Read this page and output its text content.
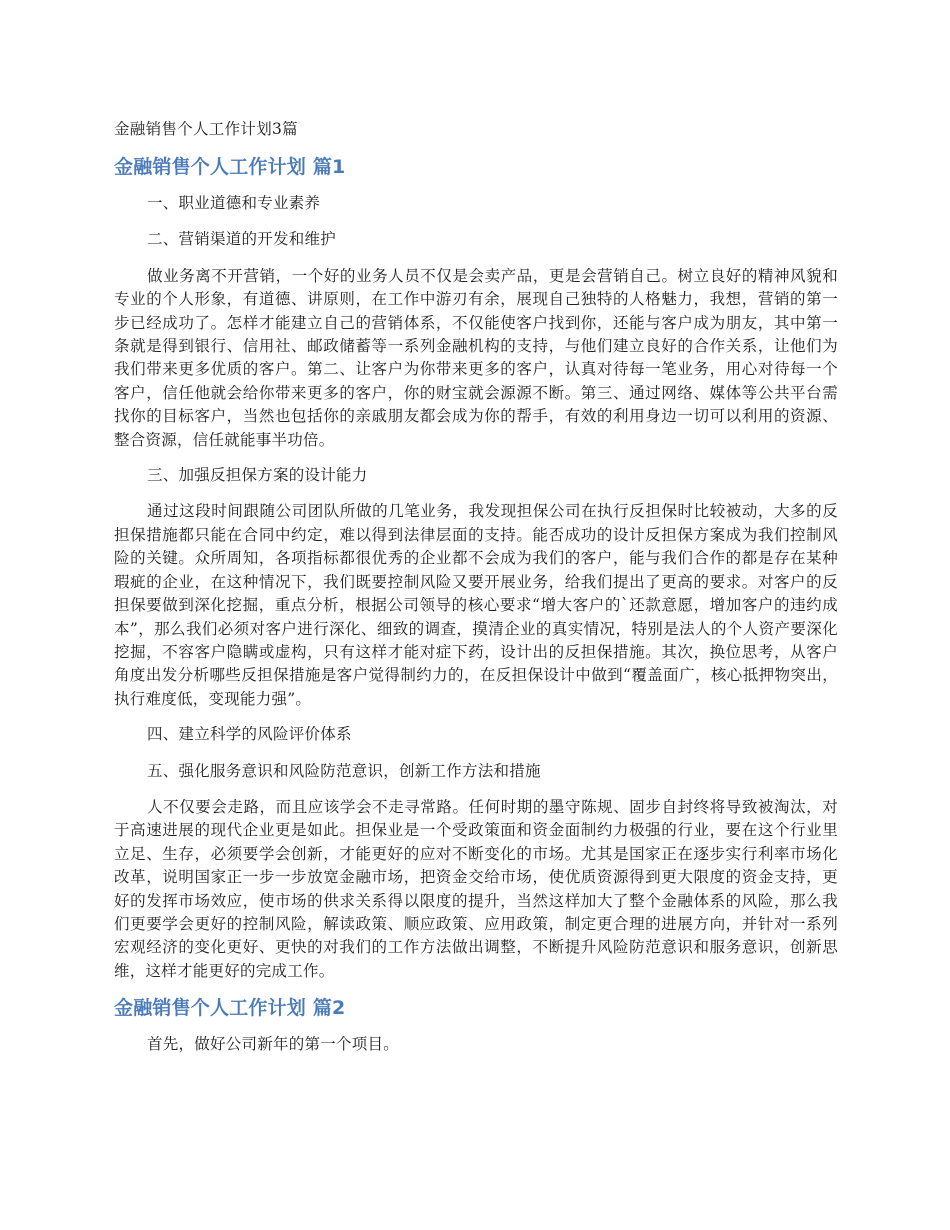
金融销售个人工作计划3篇
金融销售个人工作计划 篇1

一、职业道德和专业素养

二、营销渠道的开发和维护

做业务离不开营销，一个好的业务人员不仅是会卖产品，更是会营销自己。树立良好的精神风貌和专业的个人形象，有道德、讲原则，在工作中游刃有余，展现自己独特的人格魅力，我想，营销的第一步已经成功了。怎样才能建立自己的营销体系，不仅能使客户找到你，还能与客户成为朋友，其中第一条就是得到银行、信用社、邮政储蓄等一系列金融机构的支持，与他们建立良好的合作关系，让他们为我们带来更多优质的客户。第二、让客户为你带来更多的客户，认真对待每一笔业务，用心对待每一个客户，信任他就会给你带来更多的客户，你的财宝就会源源不断。第三、通过网络、媒体等公共平台需找你的目标客户，当然也包括你的亲戚朋友都会成为你的帮手，有效的利用身边一切可以利用的资源、整合资源，信任就能事半功倍。

三、加强反担保方案的设计能力

通过这段时间跟随公司团队所做的几笔业务，我发现担保公司在执行反担保时比较被动，大多的反担保措施都只能在合同中约定，难以得到法律层面的支持。能否成功的设计反担保方案成为我们控制风险的关键。众所周知，各项指标都很优秀的企业都不会成为我们的客户，能与我们合作的都是存在某种瑕疵的企业，在这种情况下，我们既要控制风险又要开展业务，给我们提出了更高的要求。对客户的反担保要做到深化挖掘，重点分析，根据公司领导的核心要求“增大客户的`还款意愿，增加客户的违约成本”，那么我们必须对客户进行深化、细致的调查，摸清企业的真实情况，特别是法人的个人资产要深化挖掘，不容客户隐瞒或虚构，只有这样才能对症下药，设计出的反担保措施。其次，换位思考，从客户角度出发分析哪些反担保措施是客户觉得制约力的，在反担保设计中做到“覆盖面广，核心抵押物突出，执行难度低，变现能力强”。

四、建立科学的风险评价体系

五、强化服务意识和风险防范意识，创新工作方法和措施

人不仅要会走路，而且应该学会不走寻常路。任何时期的墨守陈规、固步自封终将导致被淘汰，对于高速进展的现代企业更是如此。担保业是一个受政策面和资金面制约力极强的行业，要在这个行业里立足、生存，必须要学会创新，才能更好的应对不断变化的市场。尤其是国家正在逐步实行利率市场化改革，说明国家正一步一步放宽金融市场，把资金交给市场，使优质资源得到更大限度的资金支持，更好的发挥市场效应，使市场的供求关系得以限度的提升，当然这样加大了整个金融体系的风险，那么我们更要学会更好的控制风险，解读政策、顺应政策、应用政策，制定更合理的进展方向，并针对一系列宏观经济的变化更好、更快的对我们的工作方法做出调整，不断提升风险防范意识和服务意识，创新思维，这样才能更好的完成工作。

金融销售个人工作计划 篇2

首先，做好公司新年的第一个项目。
